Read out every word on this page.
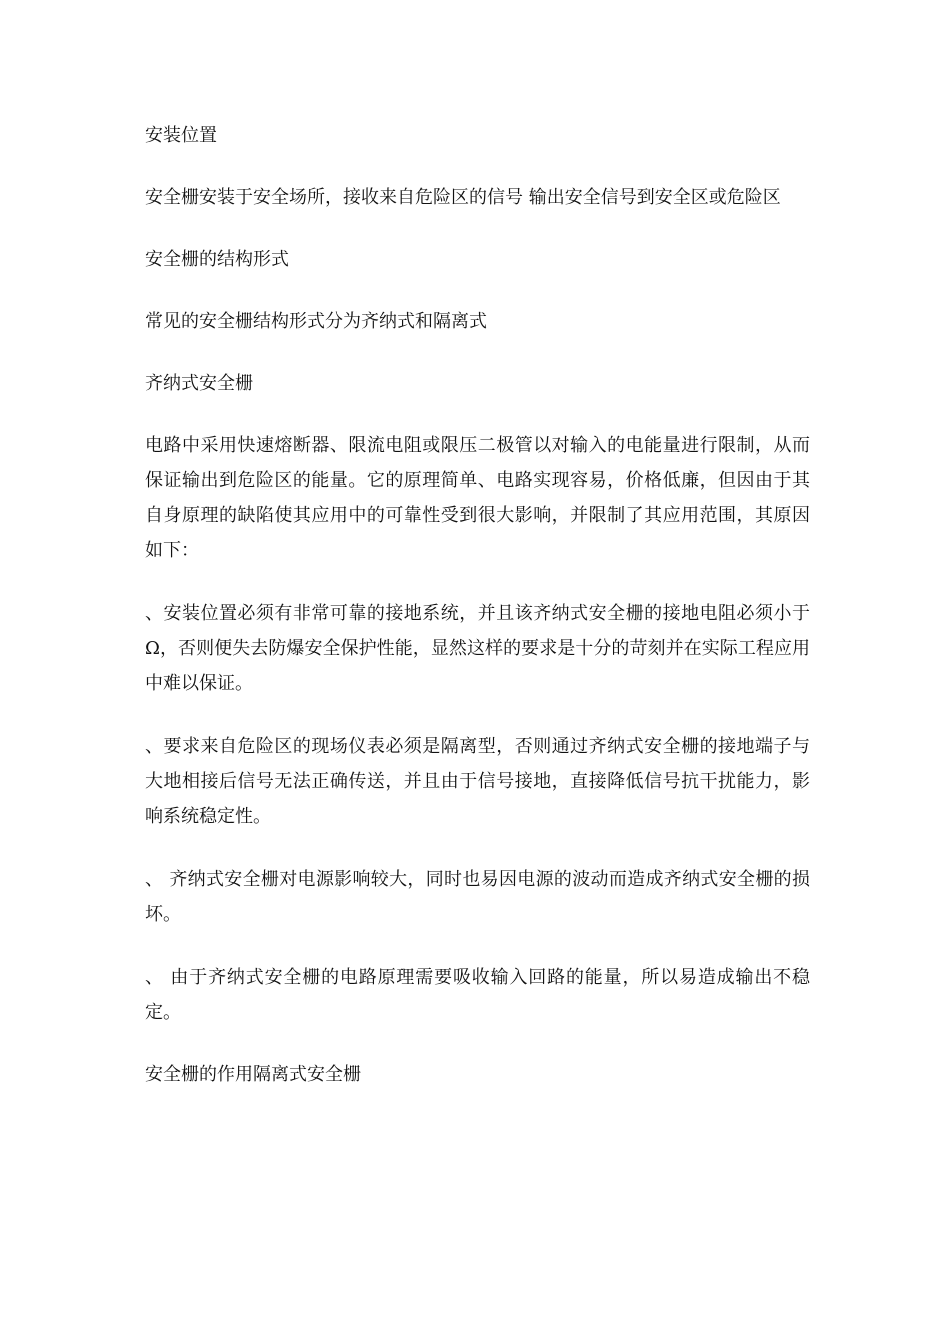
安装位置

安全栅安装于安全场所，接收来自危险区的信号 输出安全信号到安全区或危险区

安全栅的结构形式

常见的安全栅结构形式分为齐纳式和隔离式

齐纳式安全栅

电路中采用快速熔断器、限流电阻或限压二极管以对输入的电能量进行限制，从而保证输出到危险区的能量。它的原理简单、电路实现容易，价格低廉，但因由于其自身原理的缺陷使其应用中的可靠性受到很大影响，并限制了其应用范围，其原因如下：

、安装位置必须有非常可靠的接地系统，并且该齐纳式安全栅的接地电阻必须小于 Ω，否则便失去防爆安全保护性能，显然这样的要求是十分的苛刻并在实际工程应用中难以保证。

、要求来自危险区的现场仪表必须是隔离型，否则通过齐纳式安全栅的接地端子与大地相接后信号无法正确传送，并且由于信号接地，直接降低信号抗干扰能力，影响系统稳定性。

、 齐纳式安全栅对电源影响较大，同时也易因电源的波动而造成齐纳式安全栅的损坏。

、 由于齐纳式安全栅的电路原理需要吸收输入回路的能量，所以易造成输出不稳定。

安全栅的作用隔离式安全栅
